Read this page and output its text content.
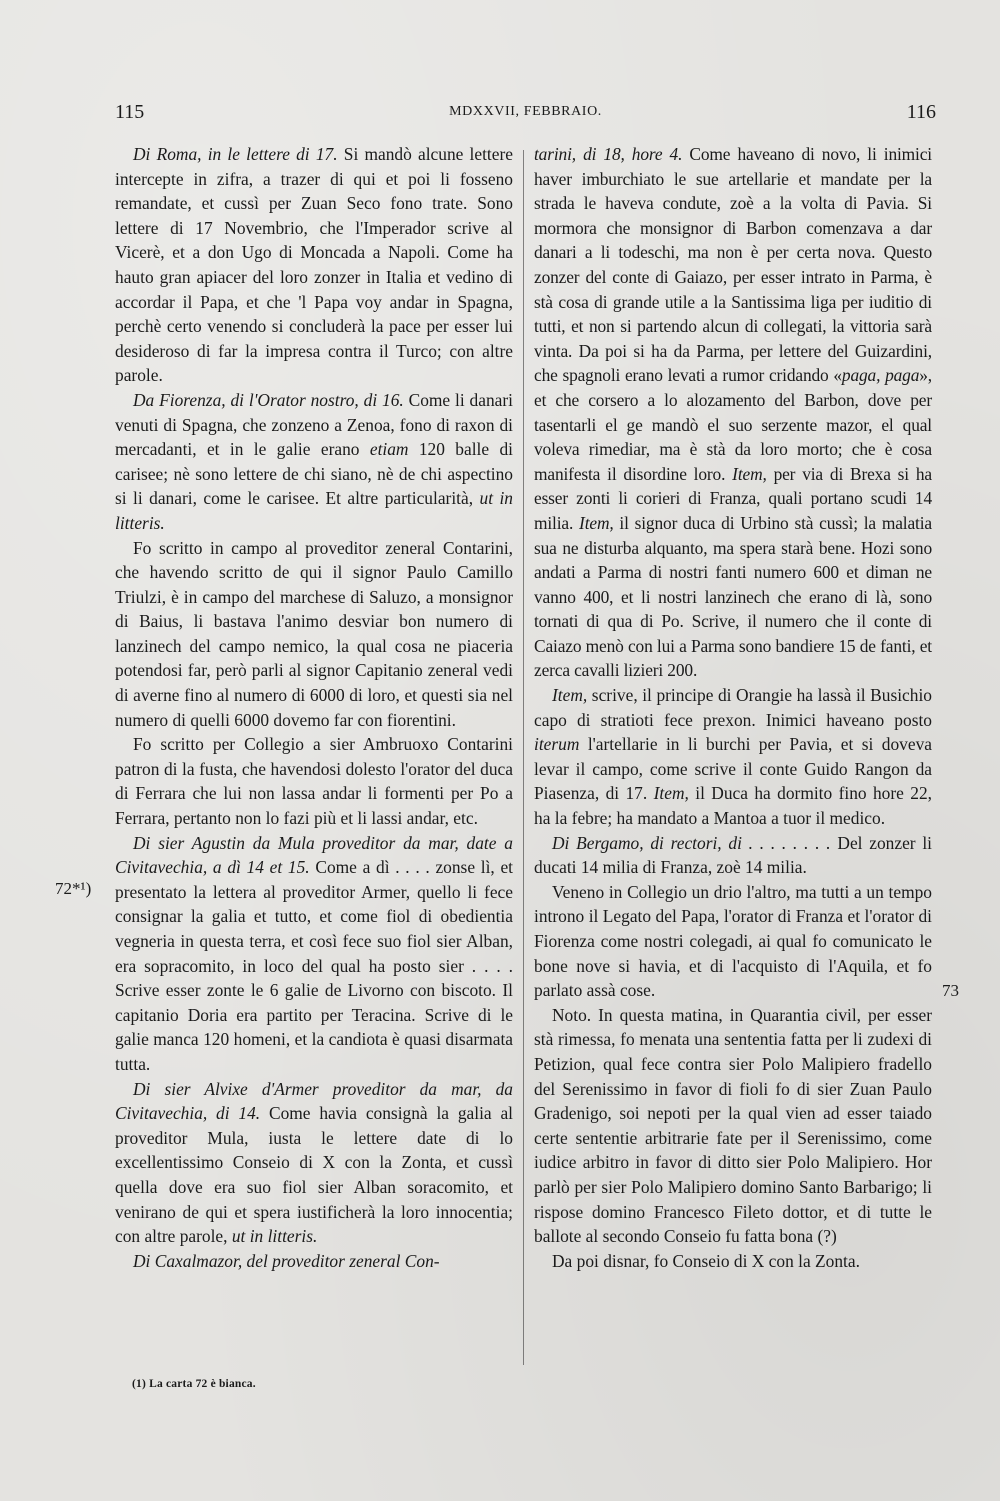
115	MDXXVII, FEBBRAIO.	116
72*¹)
73

Di Roma, in le lettere di 17. Si mandò alcune lettere intercepte in zifra, a trazer di qui et poi li fosseno remandate, et cussì per Zuan Seco fono trate. Sono lettere di 17 Novembrio, che l'Imperador scrive al Vicerè, et a don Ugo di Moncada a Napoli. Come ha hauto gran apiacer del loro zonzer in Italia et vedino di accordar il Papa, et che 'l Papa voy andar in Spagna, perchè certo venendo si concluderà la pace per esser lui desideroso di far la impresa contra il Turco; con altre parole.

Da Fiorenza, di l'Orator nostro, di 16. Come li danari venuti di Spagna, che zonzeno a Zenoa, fono di raxon di mercadanti, et in le galie erano etiam 120 balle di carisee; nè sono lettere de chi siano, nè de chi aspectino si li danari, come le carisee. Et altre particularità, ut in litteris.

Fo scritto in campo al proveditor zeneral Contarini, che havendo scritto de qui il signor Paulo Camillo Triulzi, è in campo del marchese di Saluzo, a monsignor di Baius, li bastava l'animo desviar bon numero di lanzinech del campo nemico, la qual cosa ne piaceria potendosi far, però parli al signor Capitanio zeneral vedi di averne fino al numero di 6000 di loro, et questi sia nel numero di quelli 6000 dovemo far con fiorentini.

Fo scritto per Collegio a sier Ambruoxo Contarini patron di la fusta, che havendosi dolesto l'orator del duca di Ferrara che lui non lassa andar li formenti per Po a Ferrara, pertanto non lo fazi più et li lassi andar, etc.

Di sier Agustin da Mula proveditor da mar, date a Civitavechia, a dì 14 et 15. Come a dì . . . . zonse lì, et presentato la lettera al proveditor Armer, quello li fece consignar la galia et tutto, et come fiol di obedientia vegneria in questa terra, et così fece suo fiol sier Alban, era sopracomito, in loco del qual ha posto sier . . . . Scrive esser zonte le 6 galie de Livorno con biscoto. Il capitanio Doria era partito per Teracina. Scrive di le galie manca 120 homeni, et la candiota è quasi disarmata tutta.

Di sier Alvixe d'Armer proveditor da mar, da Civitavechia, di 14. Come havia consignà la galia al proveditor Mula, iusta le lettere date di lo excellentissimo Conseio di X con la Zonta, et cussì quella dove era suo fiol sier Alban soracomito, et venirano de qui et spera iustificherà la loro innocentia; con altre parole, ut in litteris.

Di Caxalmazor, del proveditor zeneral Con-

tarini, di 18, hore 4. Come haveano di novo, li inimici haver imburchiato le sue artellarie et mandate per la strada le haveva condute, zoè a la volta di Pavia. Si mormora che monsignor di Barbon comenzava a dar danari a li todeschi, ma non è per certa nova. Questo zonzer del conte di Gaiazo, per esser intrato in Parma, è stà cosa di grande utile a la Santissima liga per iuditio di tutti, et non si partendo alcun di collegati, la vittoria sarà vinta. Da poi si ha da Parma, per lettere del Guizardini, che spagnoli erano levati a rumor cridando «paga, paga», et che corsero a lo alozamento del Barbon, dove per tasentarli el ge mandò el suo serzente mazor, el qual voleva rimediar, ma è stà da loro morto; che è cosa manifesta il disordine loro. Item, per via di Brexa si ha esser zonti li corieri di Franza, quali portano scudi 14 milia. Item, il signor duca di Urbino stà cussì; la malatia sua ne disturba alquanto, ma spera starà bene. Hozi sono andati a Parma di nostri fanti numero 600 et diman ne vanno 400, et li nostri lanzinech che erano di là, sono tornati di qua di Po. Scrive, il numero che il conte di Caiazo menò con lui a Parma sono bandiere 15 de fanti, et zerca cavalli lizieri 200.

Item, scrive, il principe di Orangie ha lassà il Busichio capo di stratioti fece prexon. Inimici haveano posto iterum l'artellarie in li burchi per Pavia, et si doveva levar il campo, come scrive il conte Guido Rangon da Piasenza, di 17. Item, il Duca ha dormito fino hore 22, ha la febre; ha mandato a Mantoa a tuor il medico.

Di Bergamo, di rectori, di . . . . . . . . Del zonzer li ducati 14 milia di Franza, zoè 14 milia.

Veneno in Collegio un drio l'altro, ma tutti a un tempo introno il Legato del Papa, l'orator di Franza et l'orator di Fiorenza come nostri colegadi, ai qual fo comunicato le bone nove si havia, et di l'acquisto di l'Aquila, et fo parlato assà cose.

Noto. In questa matina, in Quarantia civil, per esser stà rimessa, fo menata una sententia fatta per li zudexi di Petizion, qual fece contra sier Polo Malipiero fradello del Serenissimo in favor di fioli fo di sier Zuan Paulo Gradenigo, soi nepoti per la qual vien ad esser taiado certe sententie arbitrarie fate per il Serenissimo, come iudice arbitro in favor di ditto sier Polo Malipiero. Hor parlò per sier Polo Malipiero domino Santo Barbarigo; li rispose domino Francesco Fileto dottor, et di tutte le ballote al secondo Conseio fu fatta bona (?)

Da poi disnar, fo Conseio di X con la Zonta.

(1) La carta 72 è bianca.
